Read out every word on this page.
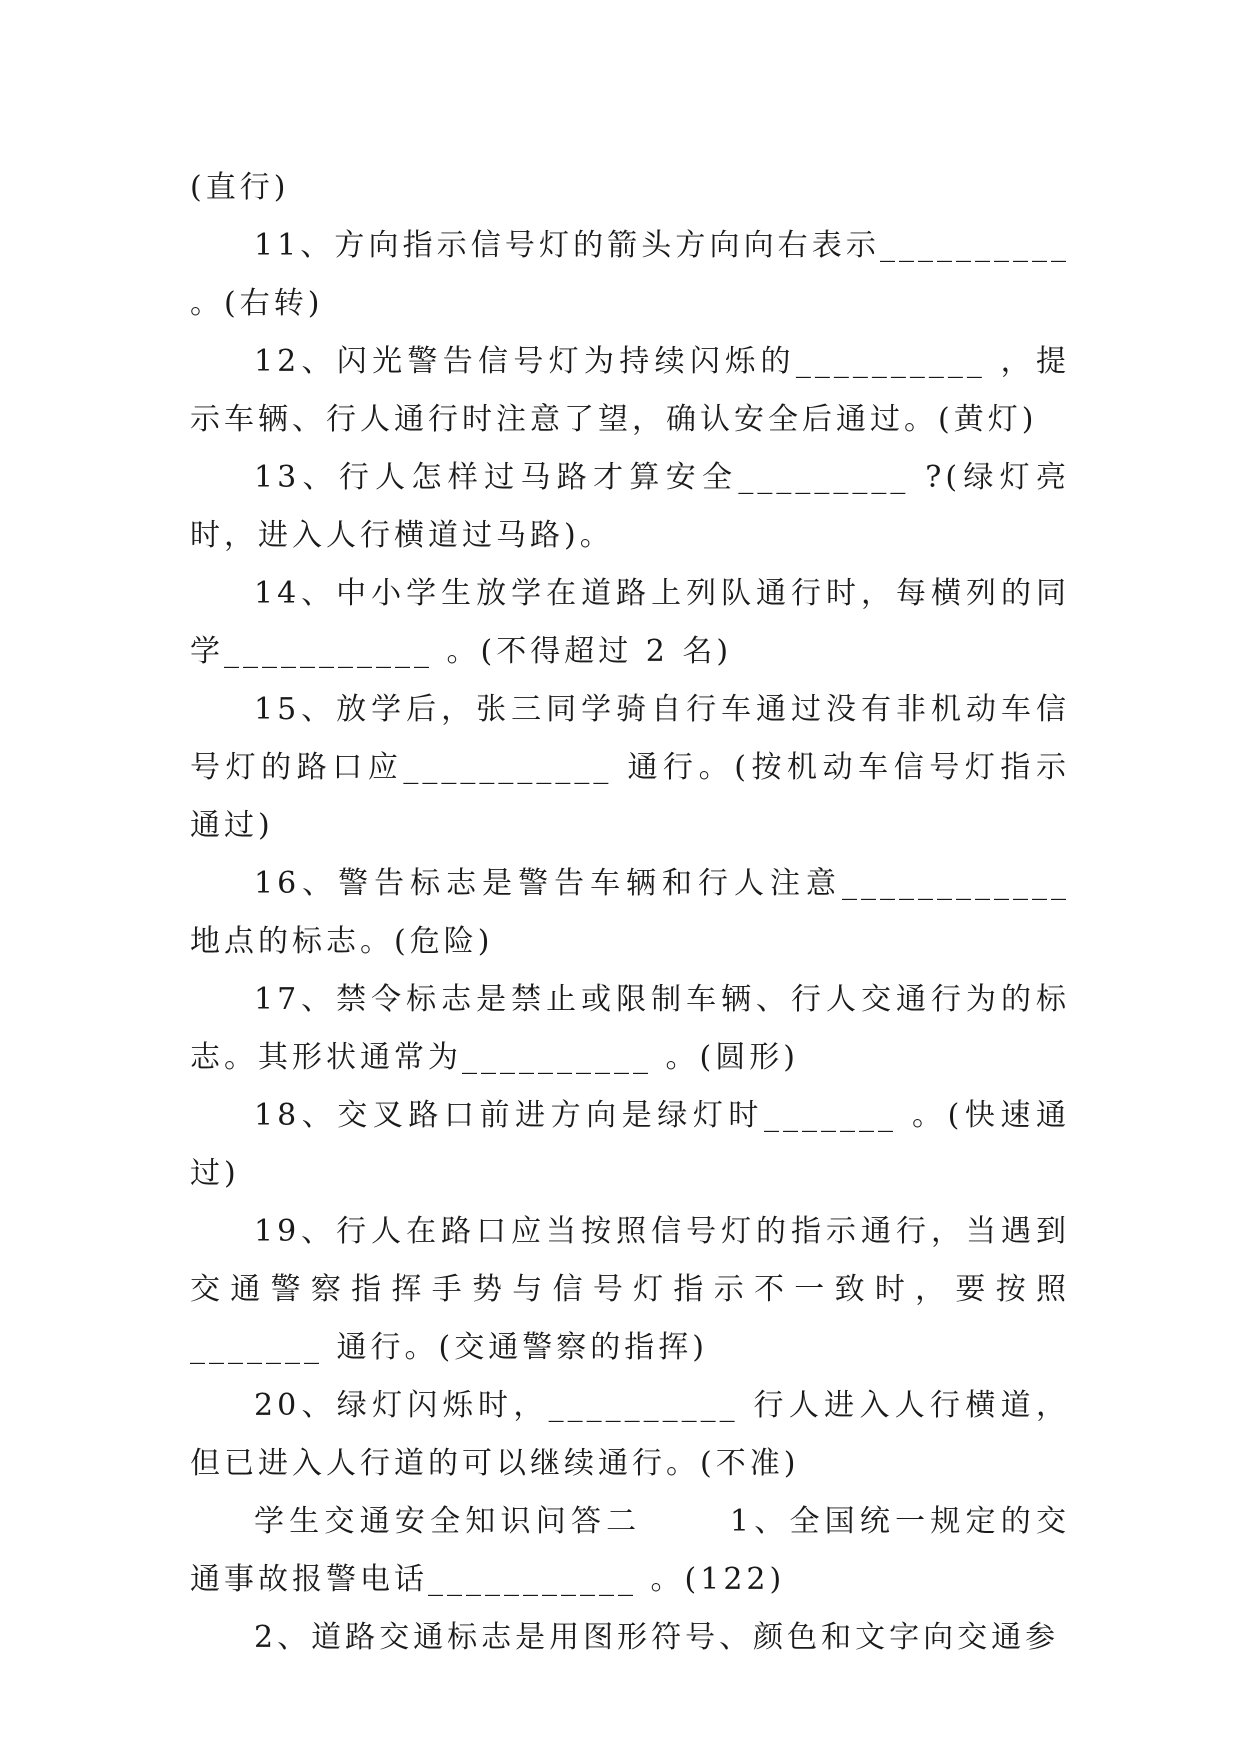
(直行)

11、方向指示信号灯的箭头方向向右表示__________ 。(右转)

12、闪光警告信号灯为持续闪烁的__________ ，提示车辆、行人通行时注意了望，确认安全后通过。(黄灯)

13、行人怎样过马路才算安全_________ ?(绿灯亮时，进入人行横道过马路)。

14、中小学生放学在道路上列队通行时，每横列的同学___________ 。(不得超过 2 名)

15、放学后，张三同学骑自行车通过没有非机动车信号灯的路口应___________ 通行。(按机动车信号灯指示通过)

16、警告标志是警告车辆和行人注意____________ 地点的标志。(危险)

17、禁令标志是禁止或限制车辆、行人交通行为的标志。其形状通常为__________ 。(圆形)

18、交叉路口前进方向是绿灯时_______ 。(快速通过)

19、行人在路口应当按照信号灯的指示通行，当遇到交通警察指挥手势与信号灯指示不一致时，要按照_______ 通行。(交通警察的指挥)

20、绿灯闪烁时，__________ 行人进入人行横道，但已进入人行道的可以继续通行。(不准)

学生交通安全知识问答二      1、全国统一规定的交通事故报警电话___________ 。(122)

2、道路交通标志是用图形符号、颜色和文字向交通参
